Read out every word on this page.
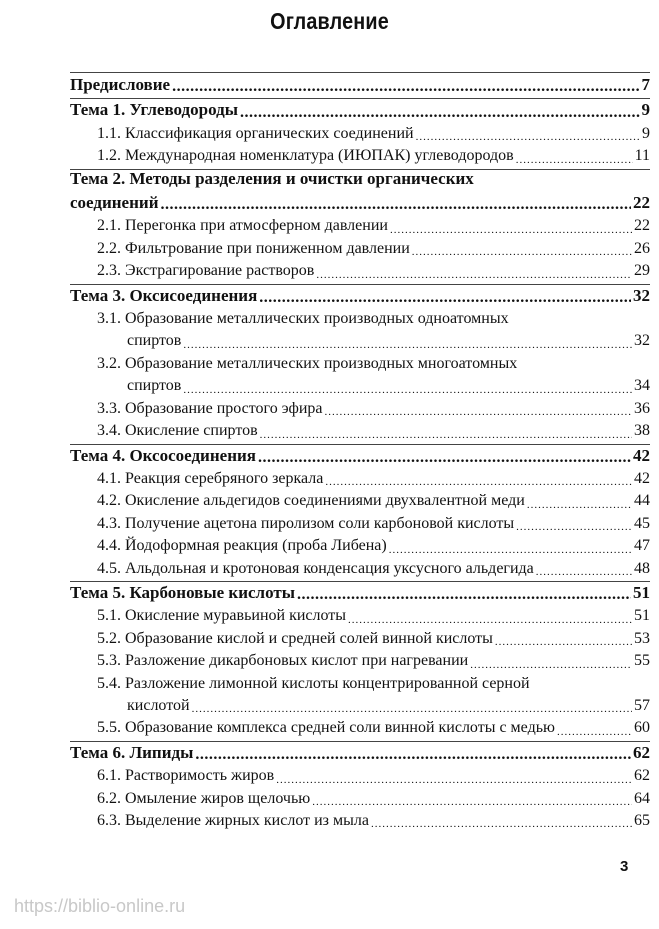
Оглавление
Предисловие .....	7
Тема 1. Углеводороды .....	9
1.1. Классификация органических соединений .....	9
1.2. Международная номенклатура (ИЮПАК) углеводородов .....	11
Тема 2. Методы разделения и очистки органических
соединений .....	22
2.1. Перегонка при атмосферном давлении .....	22
2.2. Фильтрование при пониженном давлении .....	26
2.3. Экстрагирование растворов .....	29
Тема 3. Оксисоединения .....	32
3.1. Образование металлических производных одноатомных
спиртов .....	32
3.2. Образование металлических производных многоатомных
спиртов .....	34
3.3. Образование простого эфира .....	36
3.4. Окисление спиртов .....	38
Тема 4. Оксосоединения .....	42
4.1. Реакция серебряного зеркала .....	42
4.2. Окисление альдегидов соединениями двухвалентной меди .....	44
4.3. Получение ацетона пиролизом соли карбоновой кислоты .....	45
4.4. Йодоформная реакция (проба Либена) .....	47
4.5. Альдольная и кротоновая конденсация уксусного альдегида .....	48
Тема 5. Карбоновые кислоты .....	51
5.1. Окисление муравьиной кислоты .....	51
5.2. Образование кислой и средней солей винной кислоты .....	53
5.3. Разложение дикарбоновых кислот при нагревании .....	55
5.4. Разложение лимонной кислоты концентрированной серной
кислотой .....	57
5.5. Образование комплекса средней соли винной кислоты с медью .....	60
Тема 6. Липиды .....	62
6.1. Растворимость жиров .....	62
6.2. Омыление жиров щелочью .....	64
6.3. Выделение жирных кислот из мыла .....	65
3
https://biblio-online.ru
